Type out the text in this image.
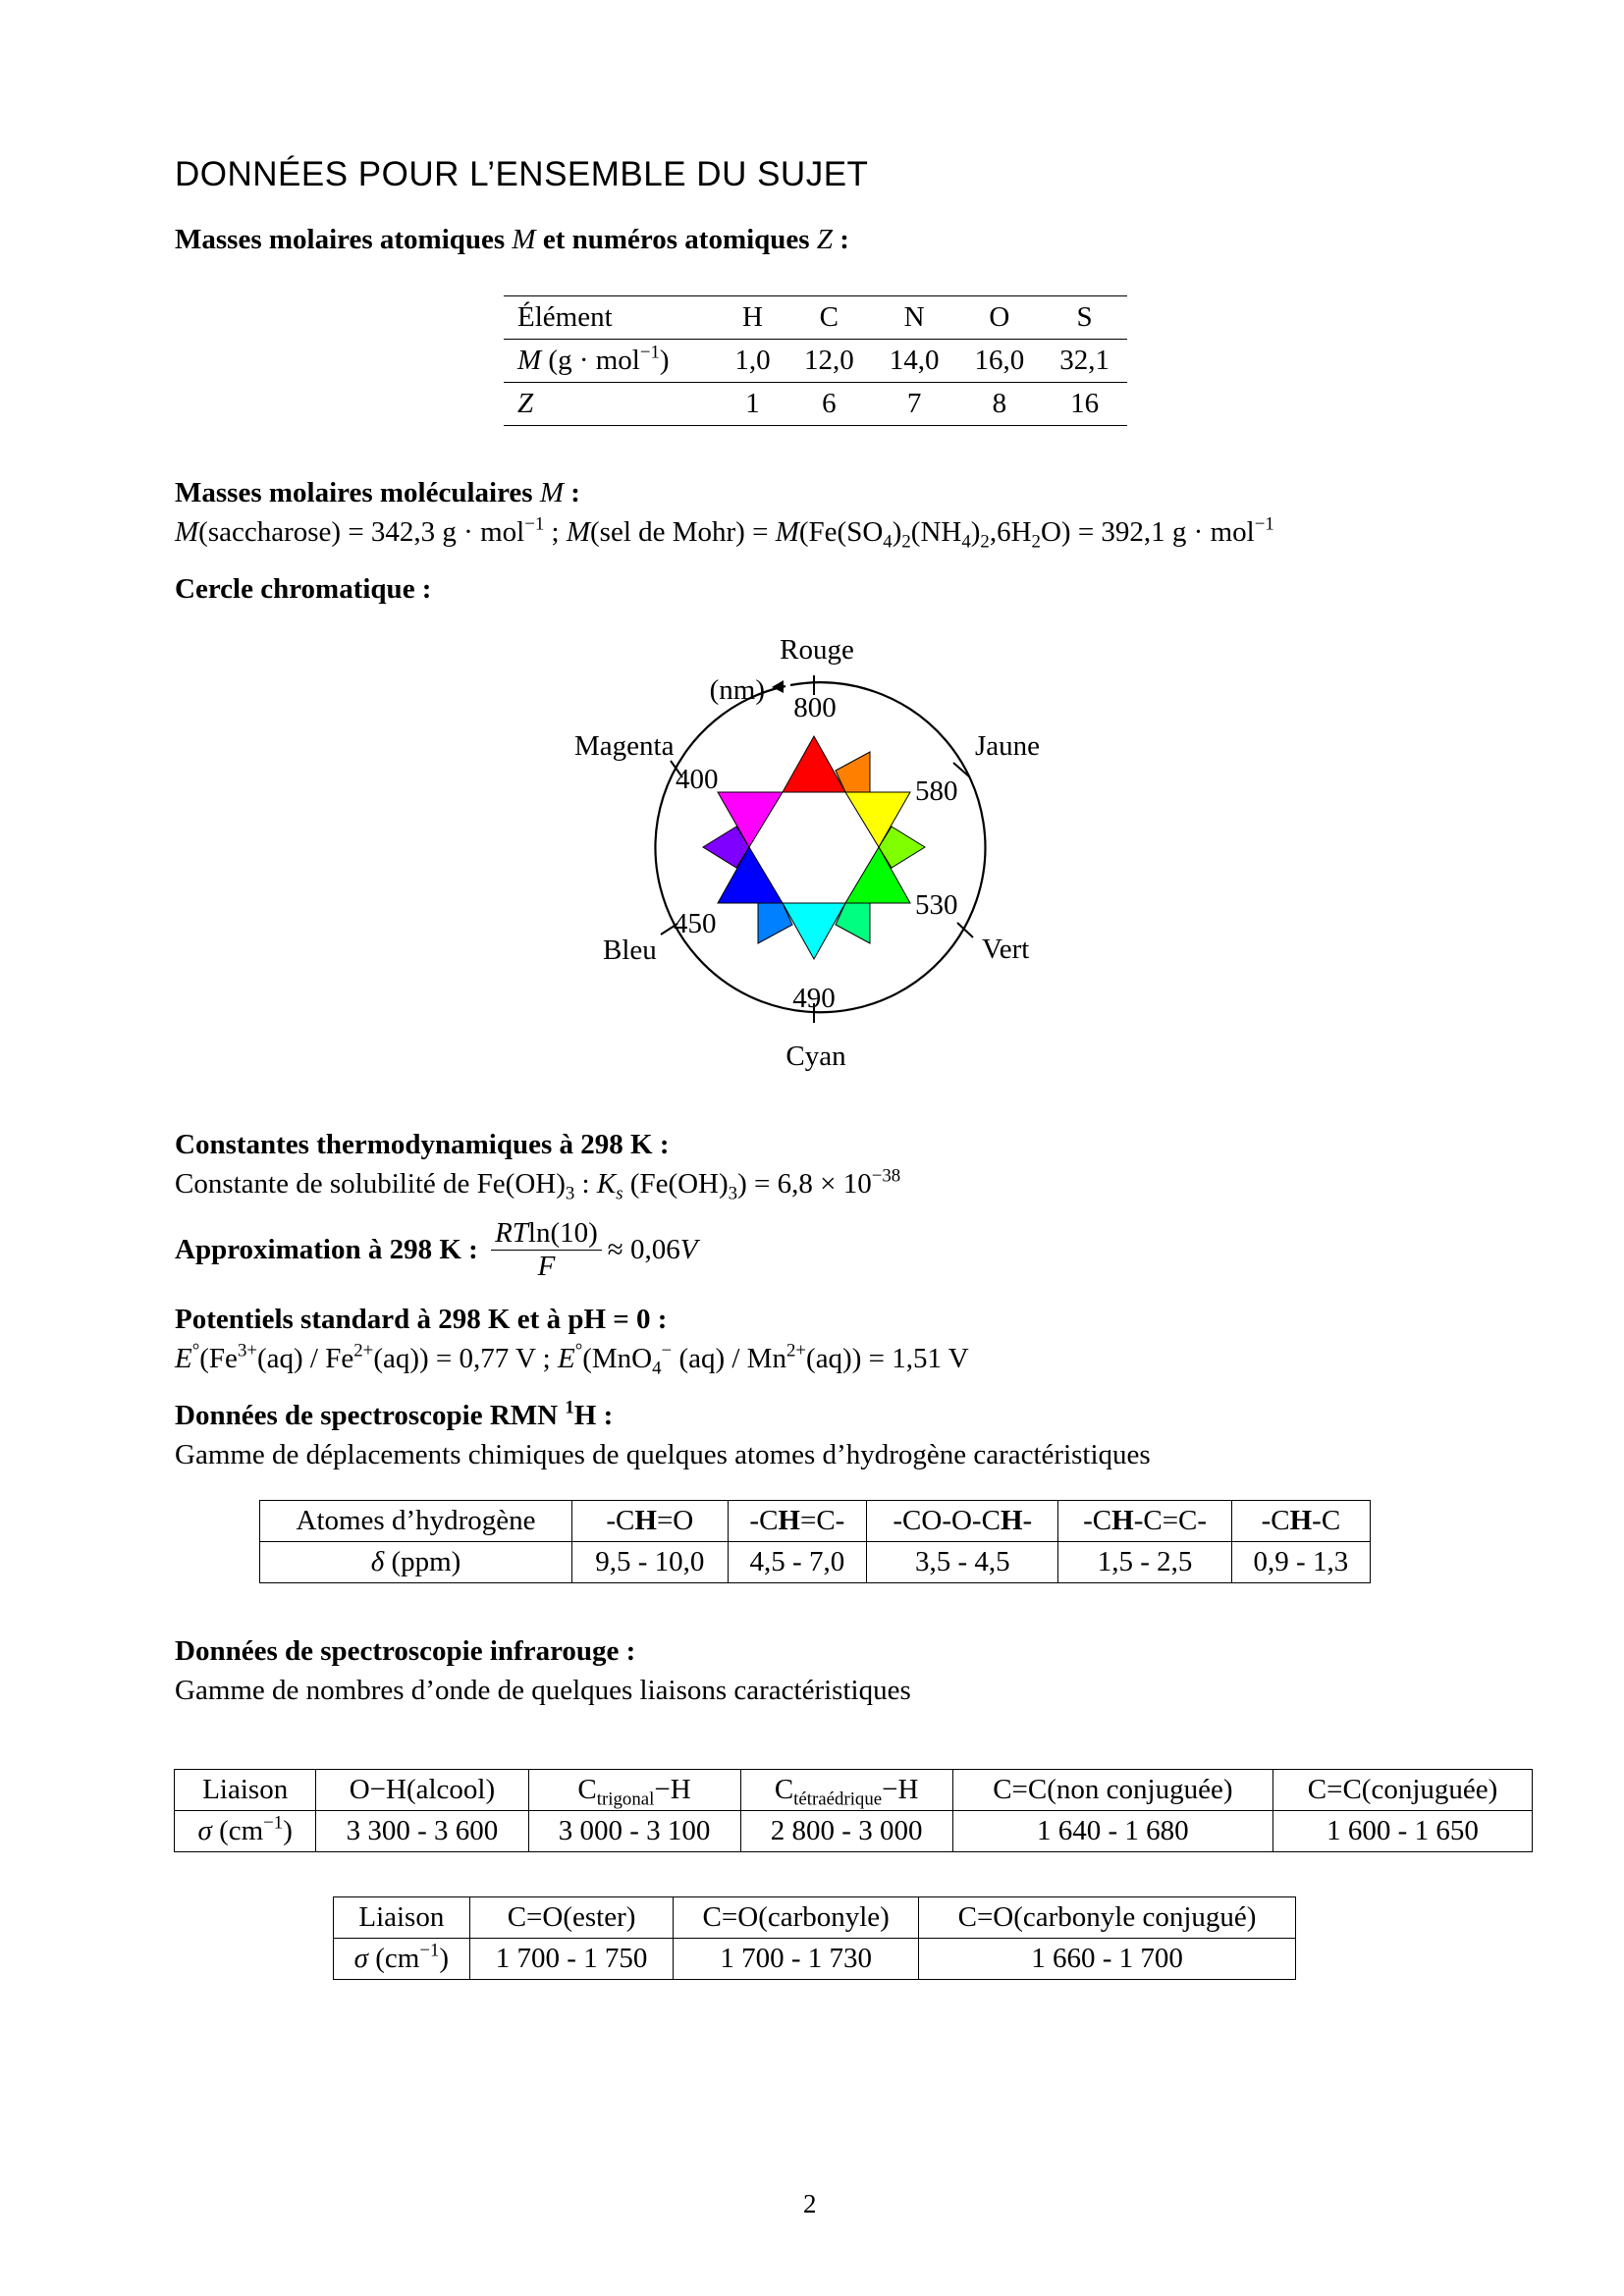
DONNÉES POUR L’ENSEMBLE DU SUJET
Masses molaires atomiques M et numéros atomiques Z :
Élément	H	C	N	O	S
M (g · mol$^{-1}$)	1,0	12,0	14,0	16,0	32,1
Z	1	6	7	8	16
Masses molaires moléculaires M :
M(saccharose) = 342,3 g · mol$^{-1}$ ; M(sel de Mohr) = $M(Fe(SO_4)_2(NH_4)_2,6H_2O) = 392,1$ g · mol$^{-1}$
Cercle chromatique :
Rouge
(nm)
800
Jaune
580
530
Vert
490
Cyan
450
Bleu
400
Magenta
Constantes thermodynamiques à 298 K :
Constante de solubilité de $Fe(OH)_3$ : $K_s$ $(Fe(OH)_3) = 6,8 \times 10^{-38}$
Approximation à 298 K : $\frac{RTln(10)}{F} \approx 0,06V$
Potentiels standard à 298 K et à pH = 0 :
$E^\circ(Fe^{3+}(aq) / Fe^{2+}(aq)) = 0,77$ V ; E°(MnO$_4$− $(aq) / Mn^{2+}(aq)) = 1,51$ V
Données de spectroscopie RMN $^1$H :
Gamme de déplacements chimiques de quelques atomes d’hydrogène caractéristiques
Atomes d’hydrogène	-CH=O	-CH=C-	-CO-O-CH-	-CH-C=C-	-CH-C
δ (ppm)	9,5 - 10,0	4,5 - 7,0	3,5 - 4,5	1,5 - 2,5	0,9 - 1,3
Données de spectroscopie infrarouge :
Gamme de nombres d’onde de quelques liaisons caractéristiques
Liaison	O−H(alcool)	$C_{trigonal}-H$	$C_{tétraédrique}-H$	C=C(non conjuguée)	C=C(conjuguée)
σ $(cm^{-1})$	3 300 - 3 600	3 000 - 3 100	2 800 - 3 000	1 640 - 1 680	1 600 - 1 650
Liaison	C=O(ester)	C=O(carbonyle)	C=O(carbonyle conjugué)
σ $(cm^{-1})$	1 700 - 1 750	1 700 - 1 730	1 660 - 1 700
2
